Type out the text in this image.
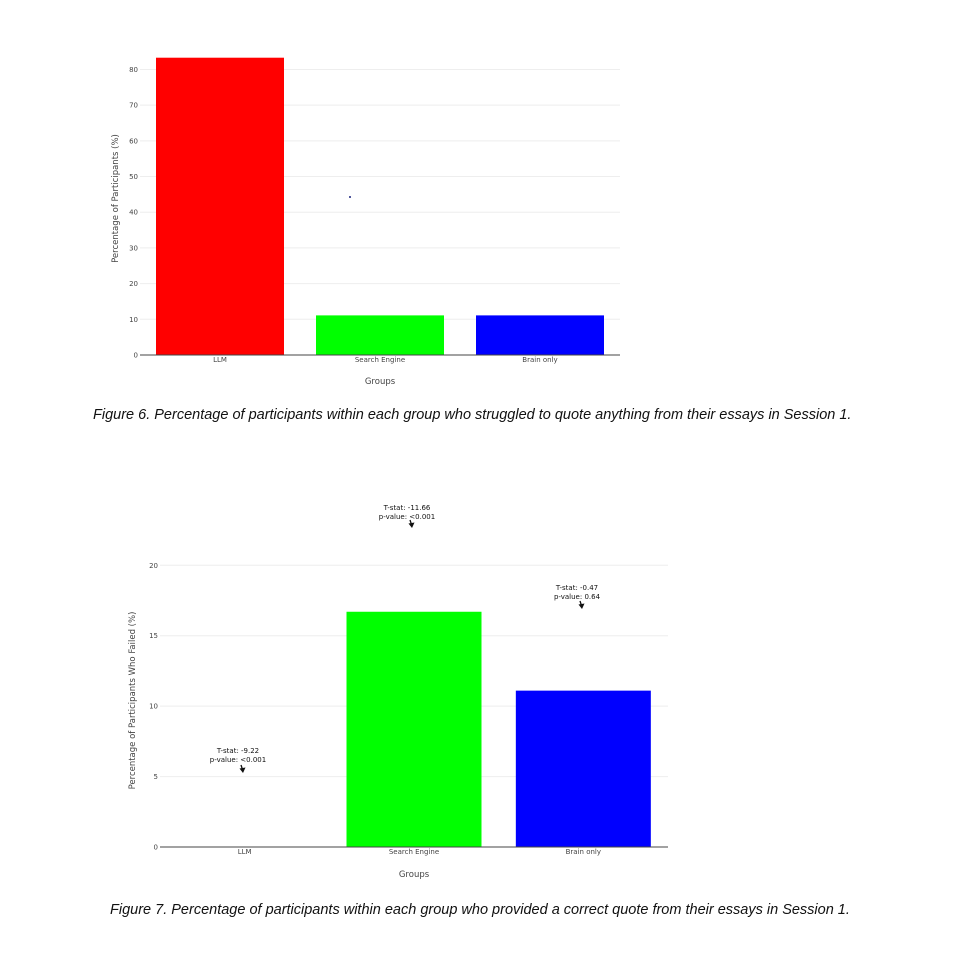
0
10
20
30
40
50
60
70
80
LLM	Search Engine	Brain only
Groups
Percentage of Participants (%)
0
5
10
15
20
LLM	Search Engine	Brain only
Groups
Percentage of Participants Who Failed (%)	T-stat: -9.22
p-value: <0.001
T-stat: -11.66
p-value: <0.001
T-stat: -0.47
p-value: 0.64
Figure 6. Percentage of participants within each group who struggled to quote anything from their essays in Session 1.
Figure 7. Percentage of participants within each group who provided a correct quote from their essays in Session 1.
